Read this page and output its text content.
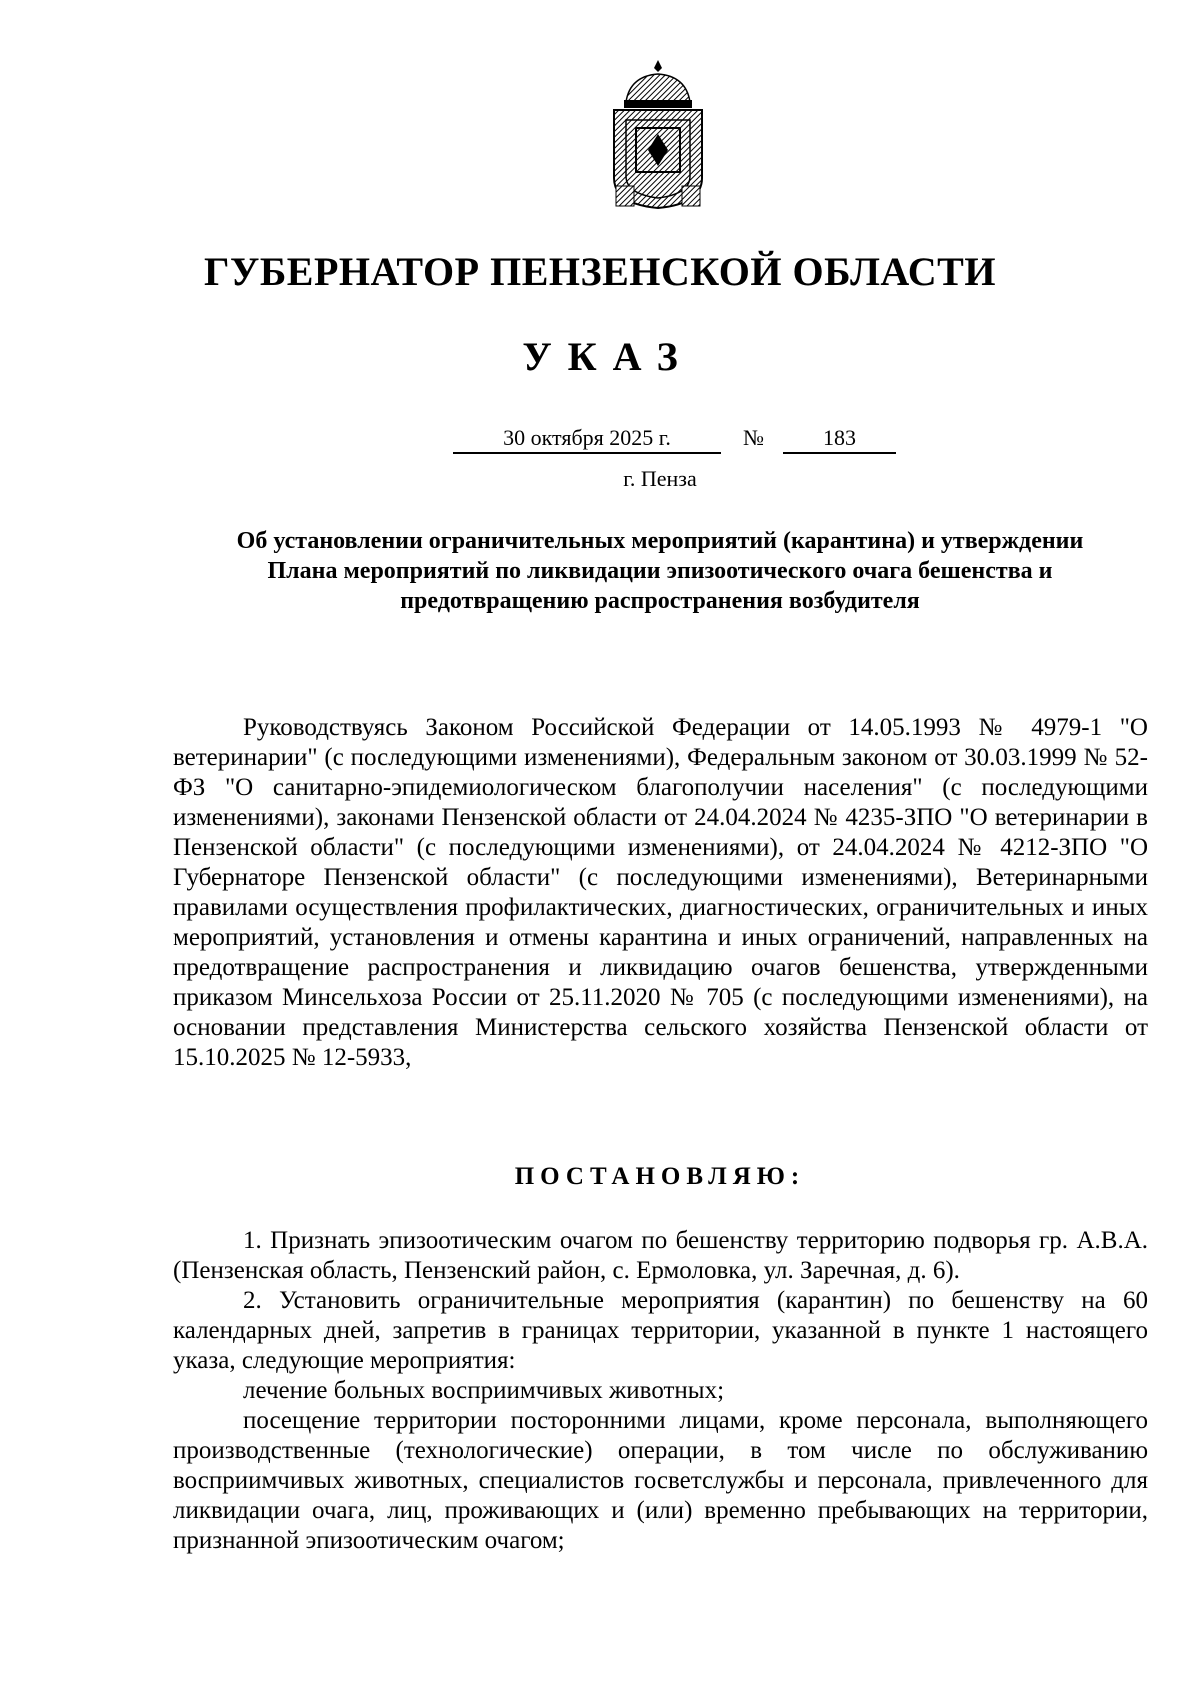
ГУБЕРНАТОР ПЕНЗЕНСКОЙ ОБЛАСТИ
УКАЗ
30 октября 2025 г.	№	183
г. Пенза
Об установлении ограничительных мероприятий (карантина) и утверждении Плана мероприятий по ликвидации эпизоотического очага бешенства и предотвращению распространения возбудителя

Руководствуясь Законом Российской Федерации от 14.05.1993 № 4979-1 "О ветеринарии" (с последующими изменениями), Федеральным законом от 30.03.1999 № 52-ФЗ "О санитарно-эпидемиологическом благополучии населения" (с последующими изменениями), законами Пензенской области от 24.04.2024 № 4235-ЗПО "О ветеринарии в Пензенской области" (с последующими изменениями), от 24.04.2024 № 4212-ЗПО "О Губернаторе Пензенской области" (с последующими изменениями), Ветеринарными правилами осуществления профилактических, диагностических, ограничительных и иных мероприятий, установления и отмены карантина и иных ограничений, направленных на предотвращение распространения и ликвидацию очагов бешенства, утвержденными приказом Минсельхоза России от 25.11.2020 № 705 (с последующими изменениями), на основании представления Министерства сельского хозяйства Пензенской области от 15.10.2025 № 12-5933,

ПОСТАНОВЛЯЮ:

1. Признать эпизоотическим очагом по бешенству территорию подворья гр. А.В.А. (Пензенская область, Пензенский район, с. Ермоловка, ул. Заречная, д. 6).

2. Установить ограничительные мероприятия (карантин) по бешенству на 60 календарных дней, запретив в границах территории, указанной в пункте 1 настоящего указа, следующие мероприятия:

лечение больных восприимчивых животных;

посещение территории посторонними лицами, кроме персонала, выполняющего производственные (технологические) операции, в том числе по обслуживанию восприимчивых животных, специалистов госветслужбы и персонала, привлеченного для ликвидации очага, лиц, проживающих и (или) временно пребывающих на территории, признанной эпизоотическим очагом;
